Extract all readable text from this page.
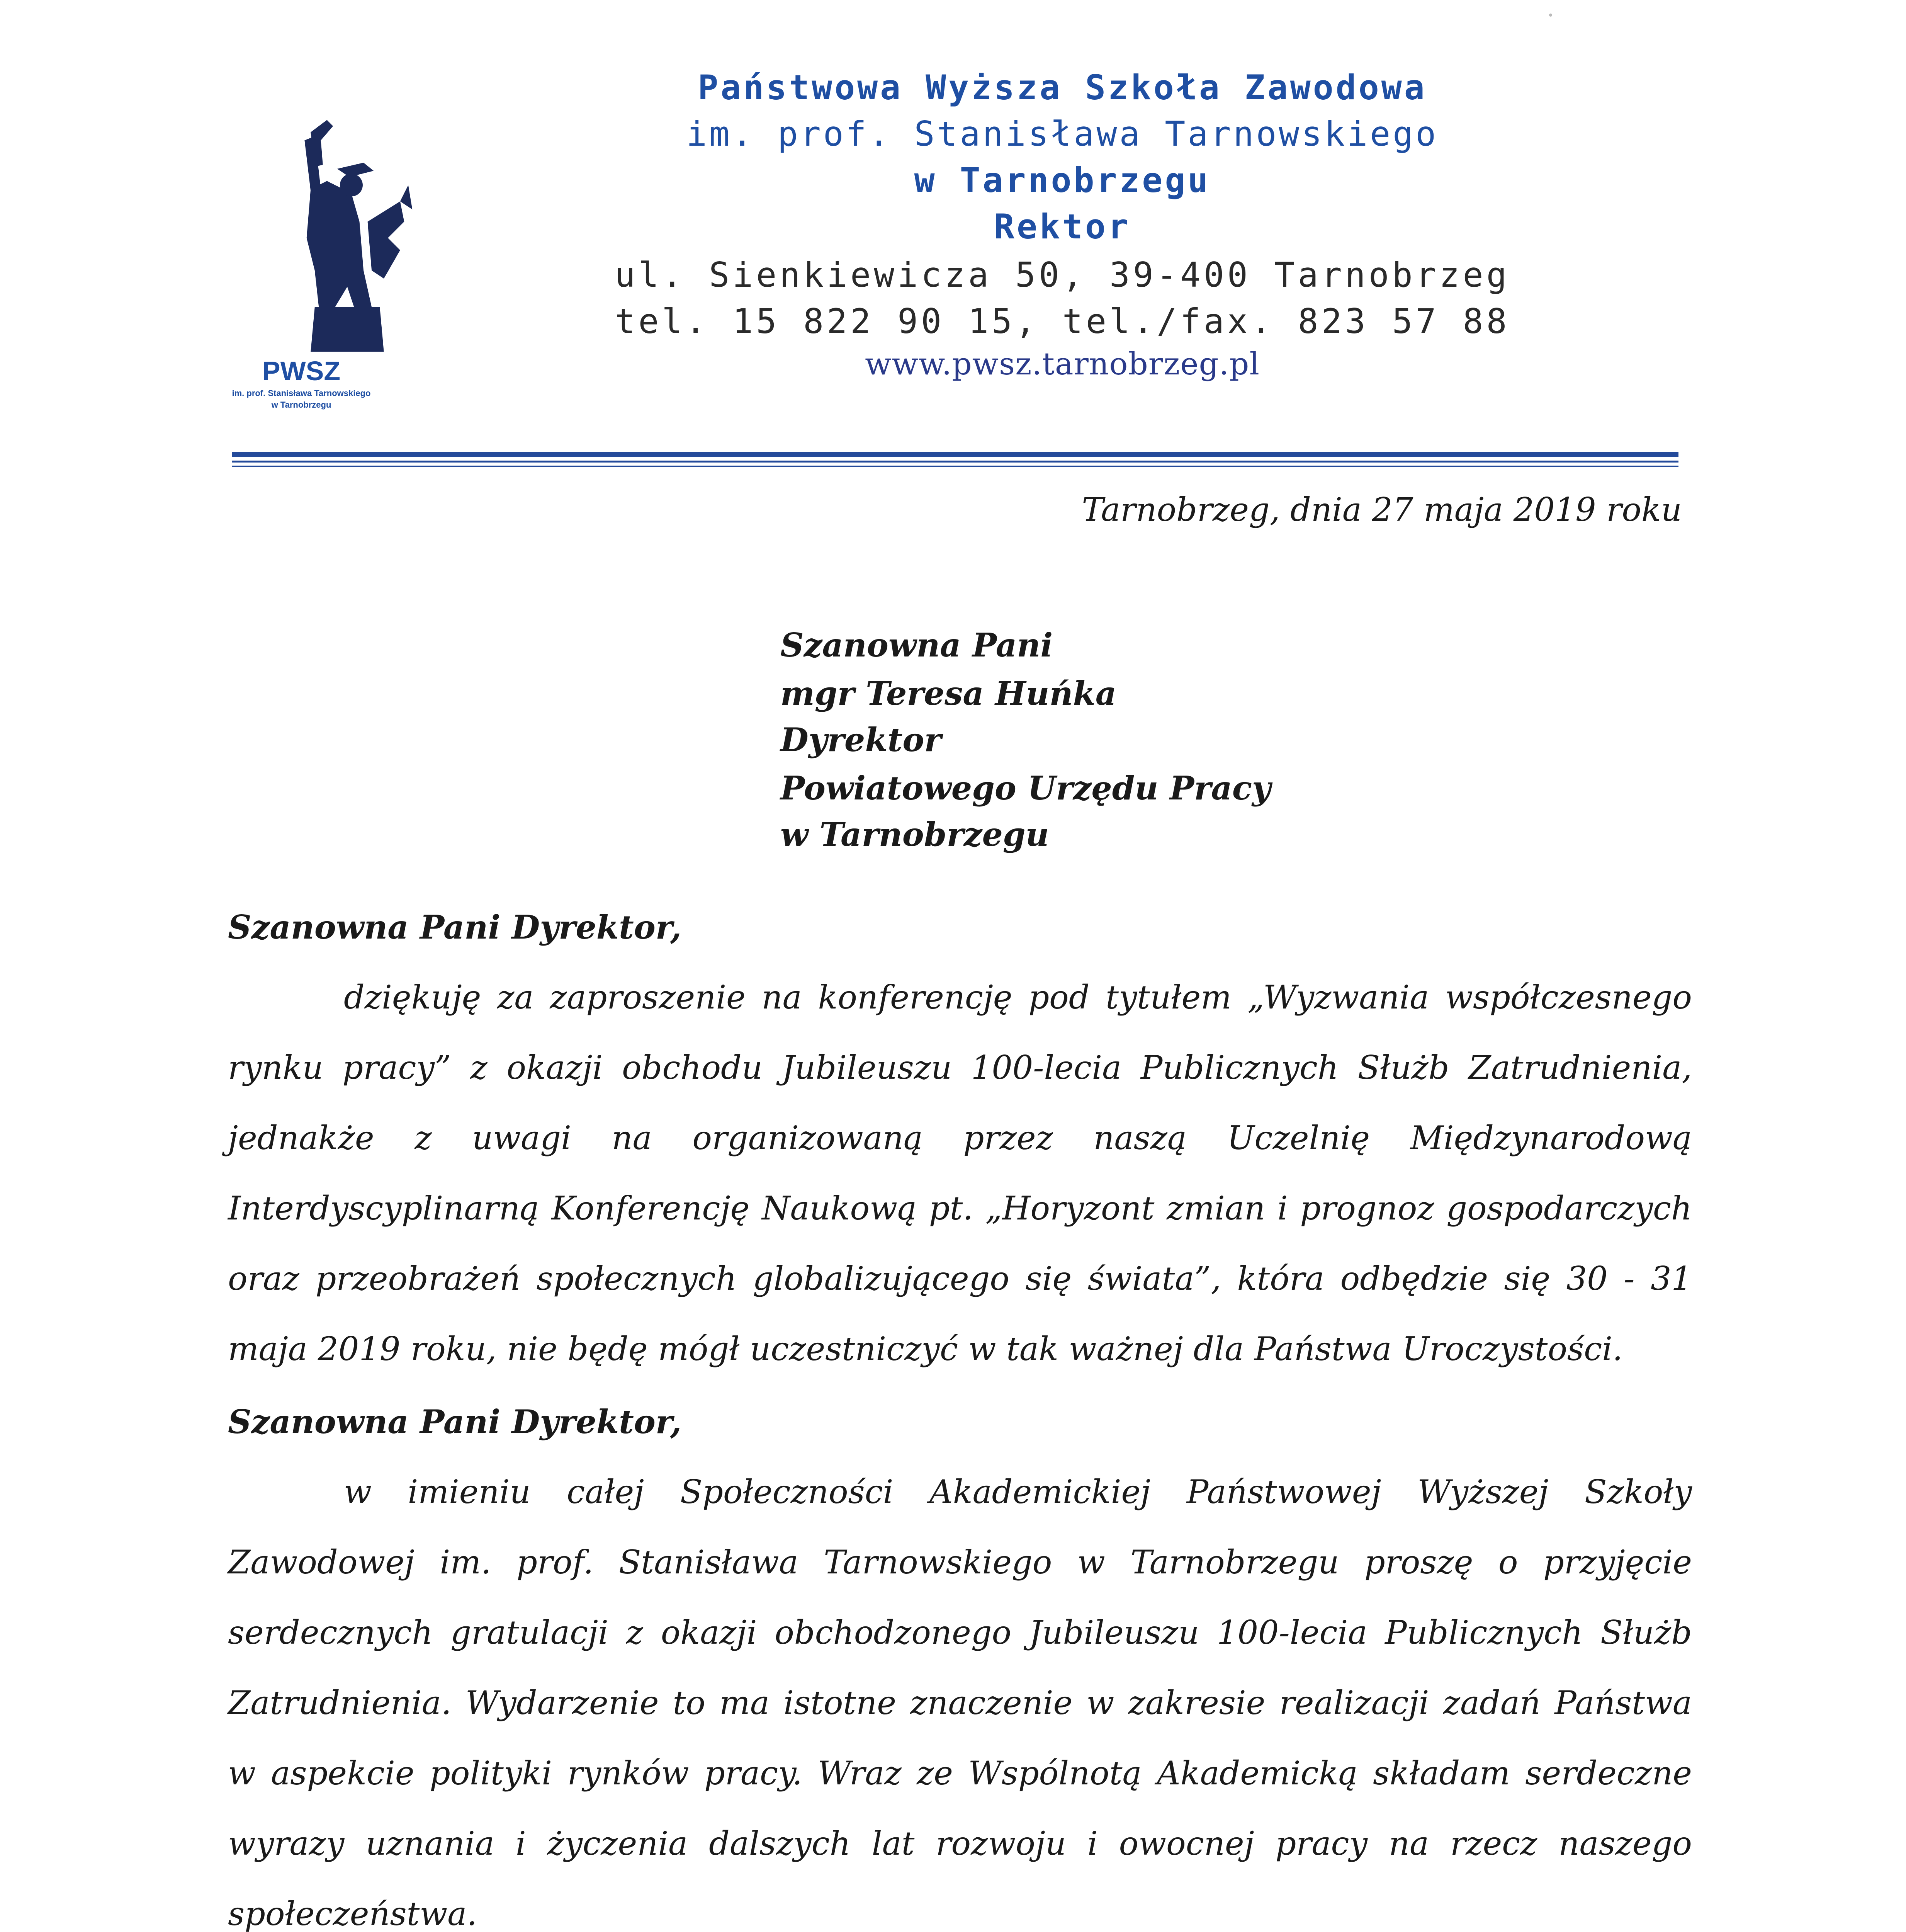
PWSZ
im. prof. Stanisława Tarnowskiego
w Tarnobrzegu
Państwowa Wyższa Szkoła Zawodowa
im. prof. Stanisława Tarnowskiego
w Tarnobrzegu
Rektor
ul. Sienkiewicza 50, 39-400 Tarnobrzeg
tel. 15 822 90 15, tel./fax. 823 57 88
www.pwsz.tarnobrzeg.pl
Tarnobrzeg, dnia 27 maja 2019 roku
Szanowna Pani
mgr Teresa Huńka
Dyrektor
Powiatowego Urzędu Pracy
w Tarnobrzegu
Szanowna Pani Dyrektor,
dziękuję za zaproszenie na konferencję pod tytułem „Wyzwania współczesnego rynku pracy” z okazji obchodu Jubileuszu 100-lecia Publicznych Służb Zatrudnienia, jednakże z uwagi na organizowaną przez naszą Uczelnię Międzynarodową Interdyscyplinarną Konferencję Naukową pt. „Horyzont zmian i prognoz gospodarczych oraz przeobrażeń społecznych globalizującego się świata”, która odbędzie się 30 - 31 maja 2019 roku, nie będę mógł uczestniczyć w tak ważnej dla Państwa Uroczystości.
Szanowna Pani Dyrektor,
w imieniu całej Społeczności Akademickiej Państwowej Wyższej Szkoły Zawodowej im. prof. Stanisława Tarnowskiego w Tarnobrzegu proszę o przyjęcie serdecznych gratulacji z okazji obchodzonego Jubileuszu 100-lecia Publicznych Służb Zatrudnienia. Wydarzenie to ma istotne znaczenie w zakresie realizacji zadań Państwa w aspekcie polityki rynków pracy. Wraz ze Wspólnotą Akademicką składam serdeczne wyrazy uznania i życzenia dalszych lat rozwoju i owocnej pracy na rzecz naszego społeczeństwa.
